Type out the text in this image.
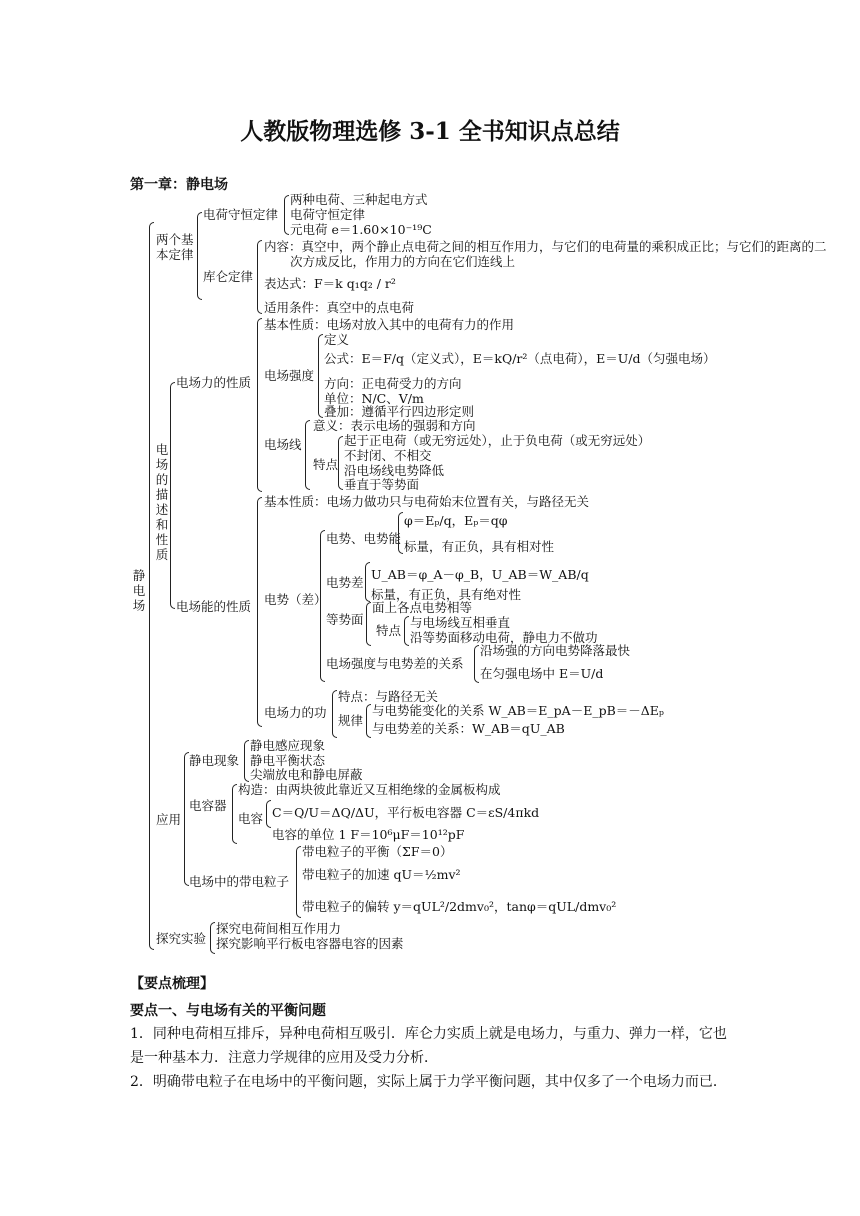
人教版物理选修 3-1 全书知识点总结
第一章：静电场
静电场
两个基本定律
电荷守恒定律
两种电荷、三种起电方式
电荷守恒定律
元电荷 e＝1.60×10⁻¹⁹C
库仑定律
内容：真空中，两个静止点电荷之间的相互作用力，与它们的电荷量的乘积成正比；与它们的距离的二
次方成反比，作用力的方向在它们连线上
表达式：F＝k q₁q₂ / r²
适用条件：真空中的点电荷
电场的描述和性质
电场力的性质
基本性质：电场对放入其中的电荷有力的作用
电场强度
定义
公式：E＝F/q（定义式），E＝kQ/r²（点电荷），E＝U/d（匀强电场）
方向：正电荷受力的方向
单位：N/C、V/m
叠加：遵循平行四边形定则
电场线
意义：表示电场的强弱和方向
特点
起于正电荷（或无穷远处），止于负电荷（或无穷远处）
不封闭、不相交
沿电场线电势降低
垂直于等势面
电场能的性质
基本性质：电场力做功只与电荷始末位置有关，与路径无关
电势（差）
电势、电势能
φ＝Eₚ/q，Eₚ＝qφ
标量，有正负，具有相对性
电势差
U_AB＝φ_A－φ_B，U_AB＝W_AB/q
标量，有正负，具有绝对性
等势面
面上各点电势相等
特点
与电场线互相垂直
沿等势面移动电荷，静电力不做功
电场强度与电势差的关系
沿场强的方向电势降落最快
在匀强电场中 E＝U/d
电场力的功
特点：与路径无关
规律
与电势能变化的关系 W_AB＝E_pA－E_pB＝－ΔEₚ
与电势差的关系：W_AB＝qU_AB
应用
静电现象
静电感应现象
静电平衡状态
尖端放电和静电屏蔽
电容器
构造：由两块彼此靠近又互相绝缘的金属板构成
电容 C＝Q/U＝ΔQ/ΔU，平行板电容器 C＝εS/4πkd
电容的单位 1 F＝10⁶μF＝10¹²pF
电场中的带电粒子
带电粒子的平衡（ΣF＝0）
带电粒子的加速 qU＝½mv²
带电粒子的偏转 y＝qUL²/2dmv₀²，tanφ＝qUL/dmv₀²
探究实验
探究电荷间相互作用力
探究影响平行板电容器电容的因素
【要点梳理】
要点一、与电场有关的平衡问题
1．同种电荷相互排斥，异种电荷相互吸引．库仑力实质上就是电场力，与重力、弹力一样，它也是一种基本力．注意力学规律的应用及受力分析．
2．明确带电粒子在电场中的平衡问题，实际上属于力学平衡问题，其中仅多了一个电场力而已．
